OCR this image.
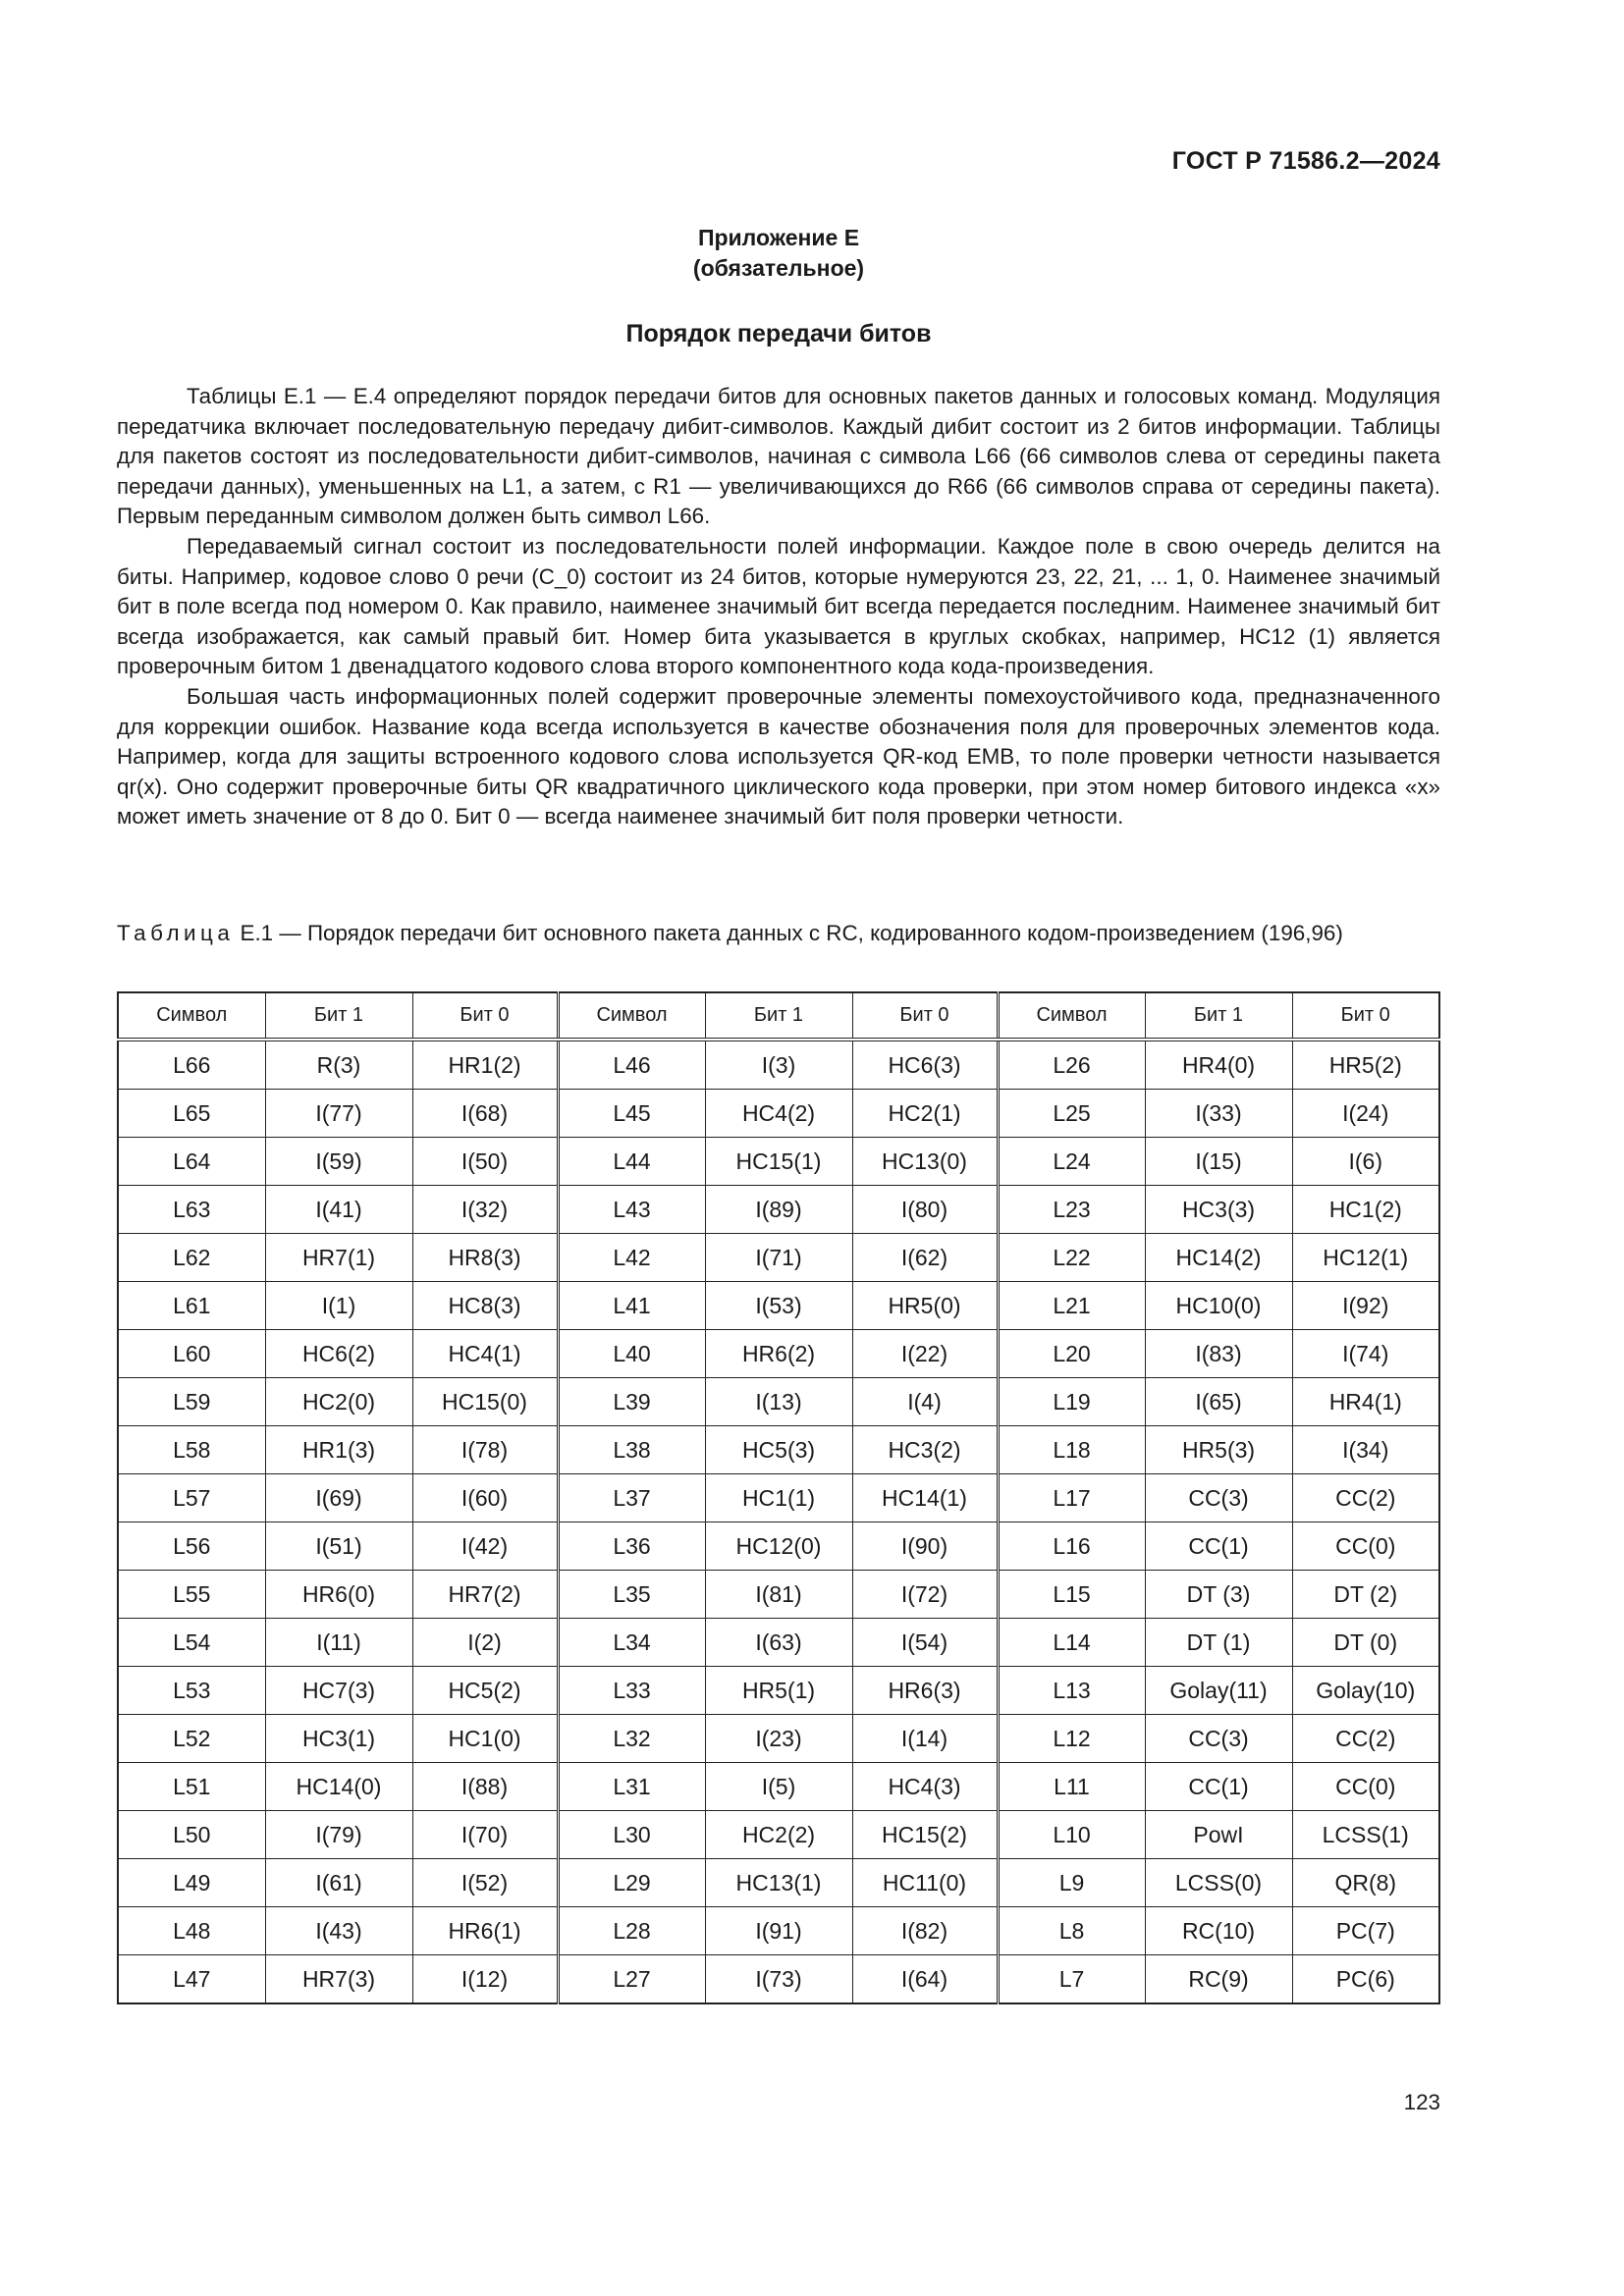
ГОСТ Р 71586.2—2024
Приложение Е
(обязательное)
Порядок передачи битов

Таблицы Е.1 — Е.4 определяют порядок передачи битов для основных пакетов данных и голосовых команд. Модуляция передатчика включает последовательную передачу дибит-символов. Каждый дибит состоит из 2 битов информации. Таблицы для пакетов состоят из последовательности дибит-символов, начиная с символа L66 (66 символов слева от середины пакета передачи данных), уменьшенных на L1, а затем, с R1 — увеличивающихся до R66 (66 символов справа от середины пакета). Первым переданным символом должен быть символ L66.

Передаваемый сигнал состоит из последовательности полей информации. Каждое поле в свою очередь делится на биты. Например, кодовое слово 0 речи (C_0) состоит из 24 битов, которые нумеруются 23, 22, 21, ... 1, 0. Наименее значимый бит в поле всегда под номером 0. Как правило, наименее значимый бит всегда передается последним. Наименее значимый бит всегда изображается, как самый правый бит. Номер бита указывается в круглых скобках, например, HC12 (1) является проверочным битом 1 двенадцатого кодового слова второго компонентного кода кода-произведения.

Большая часть информационных полей содержит проверочные элементы помехоустойчивого кода, предназначенного для коррекции ошибок. Название кода всегда используется в качестве обозначения поля для проверочных элементов кода. Например, когда для защиты встроенного кодового слова используется QR-код EMB, то поле проверки четности называется qr(x). Оно содержит проверочные биты QR квадратичного циклического кода проверки, при этом номер битового индекса «х» может иметь значение от 8 до 0. Бит 0 — всегда наименее значимый бит поля проверки четности.

Таблица Е.1 — Порядок передачи бит основного пакета данных с RC, кодированного кодом-произведением (196,96)
Символ	Бит 1	Бит 0	Символ	Бит 1	Бит 0	Символ	Бит 1	Бит 0
L66	R(3)	HR1(2)	L46	I(3)	HC6(3)	L26	HR4(0)	HR5(2)
L65	I(77)	I(68)	L45	HC4(2)	HC2(1)	L25	I(33)	I(24)
L64	I(59)	I(50)	L44	HC15(1)	HC13(0)	L24	I(15)	I(6)
L63	I(41)	I(32)	L43	I(89)	I(80)	L23	HC3(3)	HC1(2)
L62	HR7(1)	HR8(3)	L42	I(71)	I(62)	L22	HC14(2)	HC12(1)
L61	I(1)	HC8(3)	L41	I(53)	HR5(0)	L21	HC10(0)	I(92)
L60	HC6(2)	HC4(1)	L40	HR6(2)	I(22)	L20	I(83)	I(74)
L59	HC2(0)	HC15(0)	L39	I(13)	I(4)	L19	I(65)	HR4(1)
L58	HR1(3)	I(78)	L38	HC5(3)	HC3(2)	L18	HR5(3)	I(34)
L57	I(69)	I(60)	L37	HC1(1)	HC14(1)	L17	CC(3)	CC(2)
L56	I(51)	I(42)	L36	HC12(0)	I(90)	L16	CC(1)	CC(0)
L55	HR6(0)	HR7(2)	L35	I(81)	I(72)	L15	DT (3)	DT (2)
L54	I(11)	I(2)	L34	I(63)	I(54)	L14	DT (1)	DT (0)
L53	HC7(3)	HC5(2)	L33	HR5(1)	HR6(3)	L13	Golay(11)	Golay(10)
L52	HC3(1)	HC1(0)	L32	I(23)	I(14)	L12	CC(3)	CC(2)
L51	HC14(0)	I(88)	L31	I(5)	HC4(3)	L11	CC(1)	CC(0)
L50	I(79)	I(70)	L30	HC2(2)	HC15(2)	L10	PowI	LCSS(1)
L49	I(61)	I(52)	L29	HC13(1)	HC11(0)	L9	LCSS(0)	QR(8)
L48	I(43)	HR6(1)	L28	I(91)	I(82)	L8	RC(10)	PC(7)
L47	HR7(3)	I(12)	L27	I(73)	I(64)	L7	RC(9)	PC(6)
123
